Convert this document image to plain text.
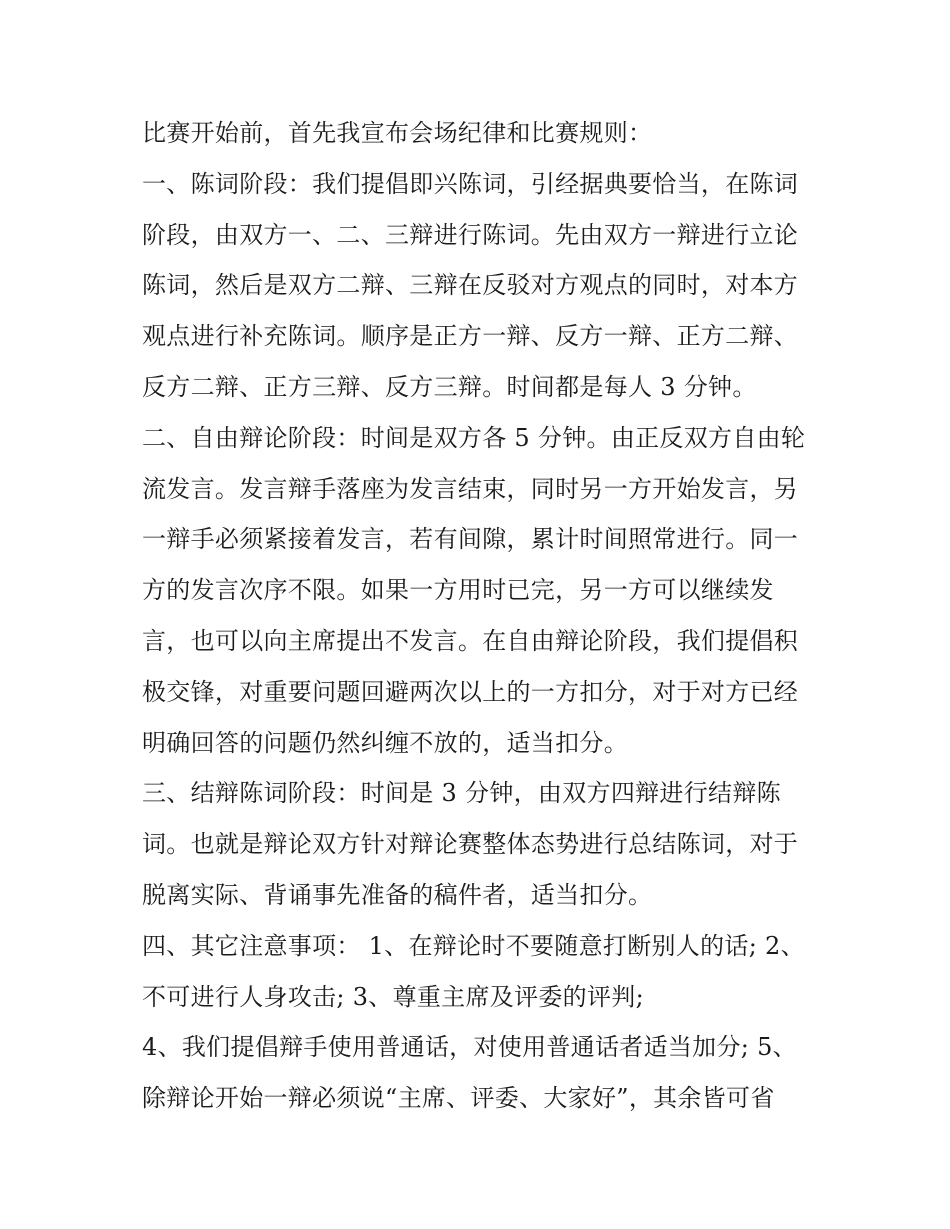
比赛开始前，首先我宣布会场纪律和比赛规则：
一、陈词阶段：我们提倡即兴陈词，引经据典要恰当，在陈词
阶段，由双方一、二、三辩进行陈词。先由双方一辩进行立论
陈词，然后是双方二辩、三辩在反驳对方观点的同时，对本方
观点进行补充陈词。顺序是正方一辩、反方一辩、正方二辩、
反方二辩、正方三辩、反方三辩。时间都是每人 3 分钟。
二、自由辩论阶段：时间是双方各 5 分钟。由正反双方自由轮
流发言。发言辩手落座为发言结束，同时另一方开始发言，另
一辩手必须紧接着发言，若有间隙，累计时间照常进行。同一
方的发言次序不限。如果一方用时已完，另一方可以继续发
言，也可以向主席提出不发言。在自由辩论阶段，我们提倡积
极交锋，对重要问题回避两次以上的一方扣分，对于对方已经
明确回答的问题仍然纠缠不放的，适当扣分。
三、结辩陈词阶段：时间是 3 分钟，由双方四辩进行结辩陈
词。也就是辩论双方针对辩论赛整体态势进行总结陈词，对于
脱离实际、背诵事先准备的稿件者，适当扣分。
四、其它注意事项： 1、在辩论时不要随意打断别人的话; 2、
不可进行人身攻击; 3、尊重主席及评委的评判;
4、我们提倡辩手使用普通话，对使用普通话者适当加分; 5、
除辩论开始一辩必须说“主席、评委、大家好”，其余皆可省
